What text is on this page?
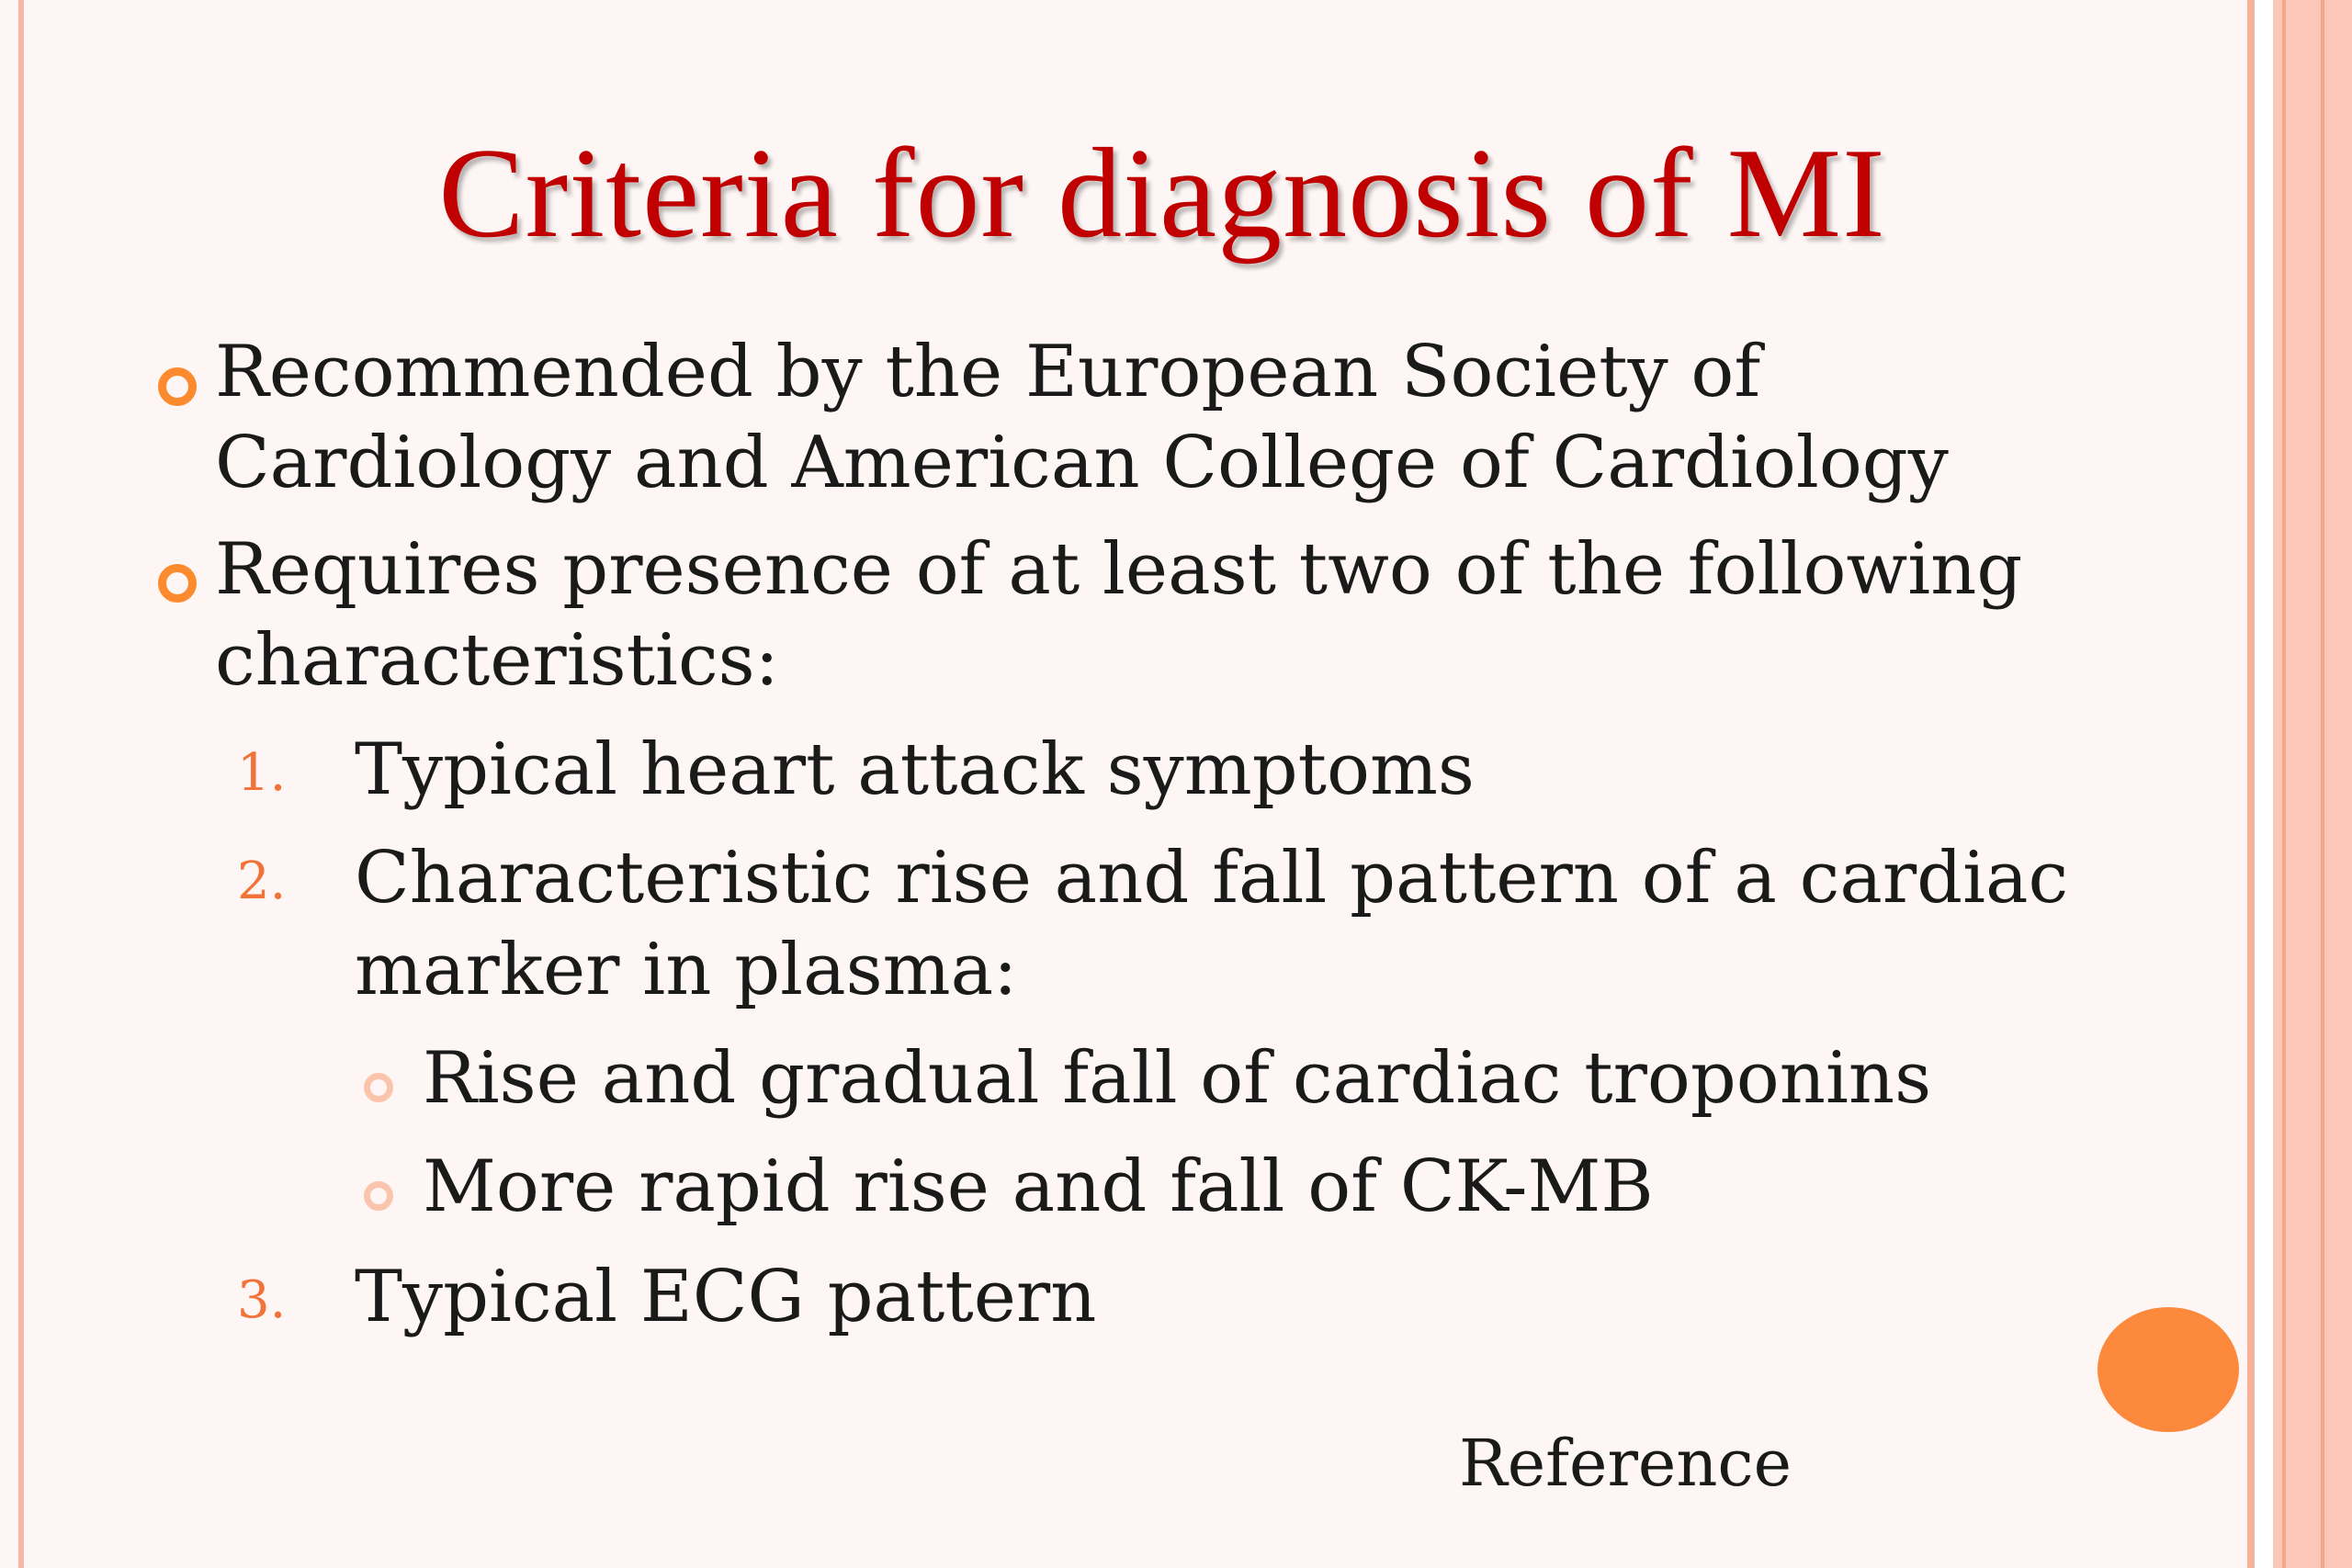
Criteria for diagnosis of MI
Recommended by the European Society of
Cardiology and American College of Cardiology
Requires presence of at least two of the following
characteristics:
1. Typical heart attack symptoms
2. Characteristic rise and fall pattern of a cardiac
marker in plasma:
Rise and gradual fall of cardiac troponins
More rapid rise and fall of CK-MB
3. Typical ECG pattern
Reference
